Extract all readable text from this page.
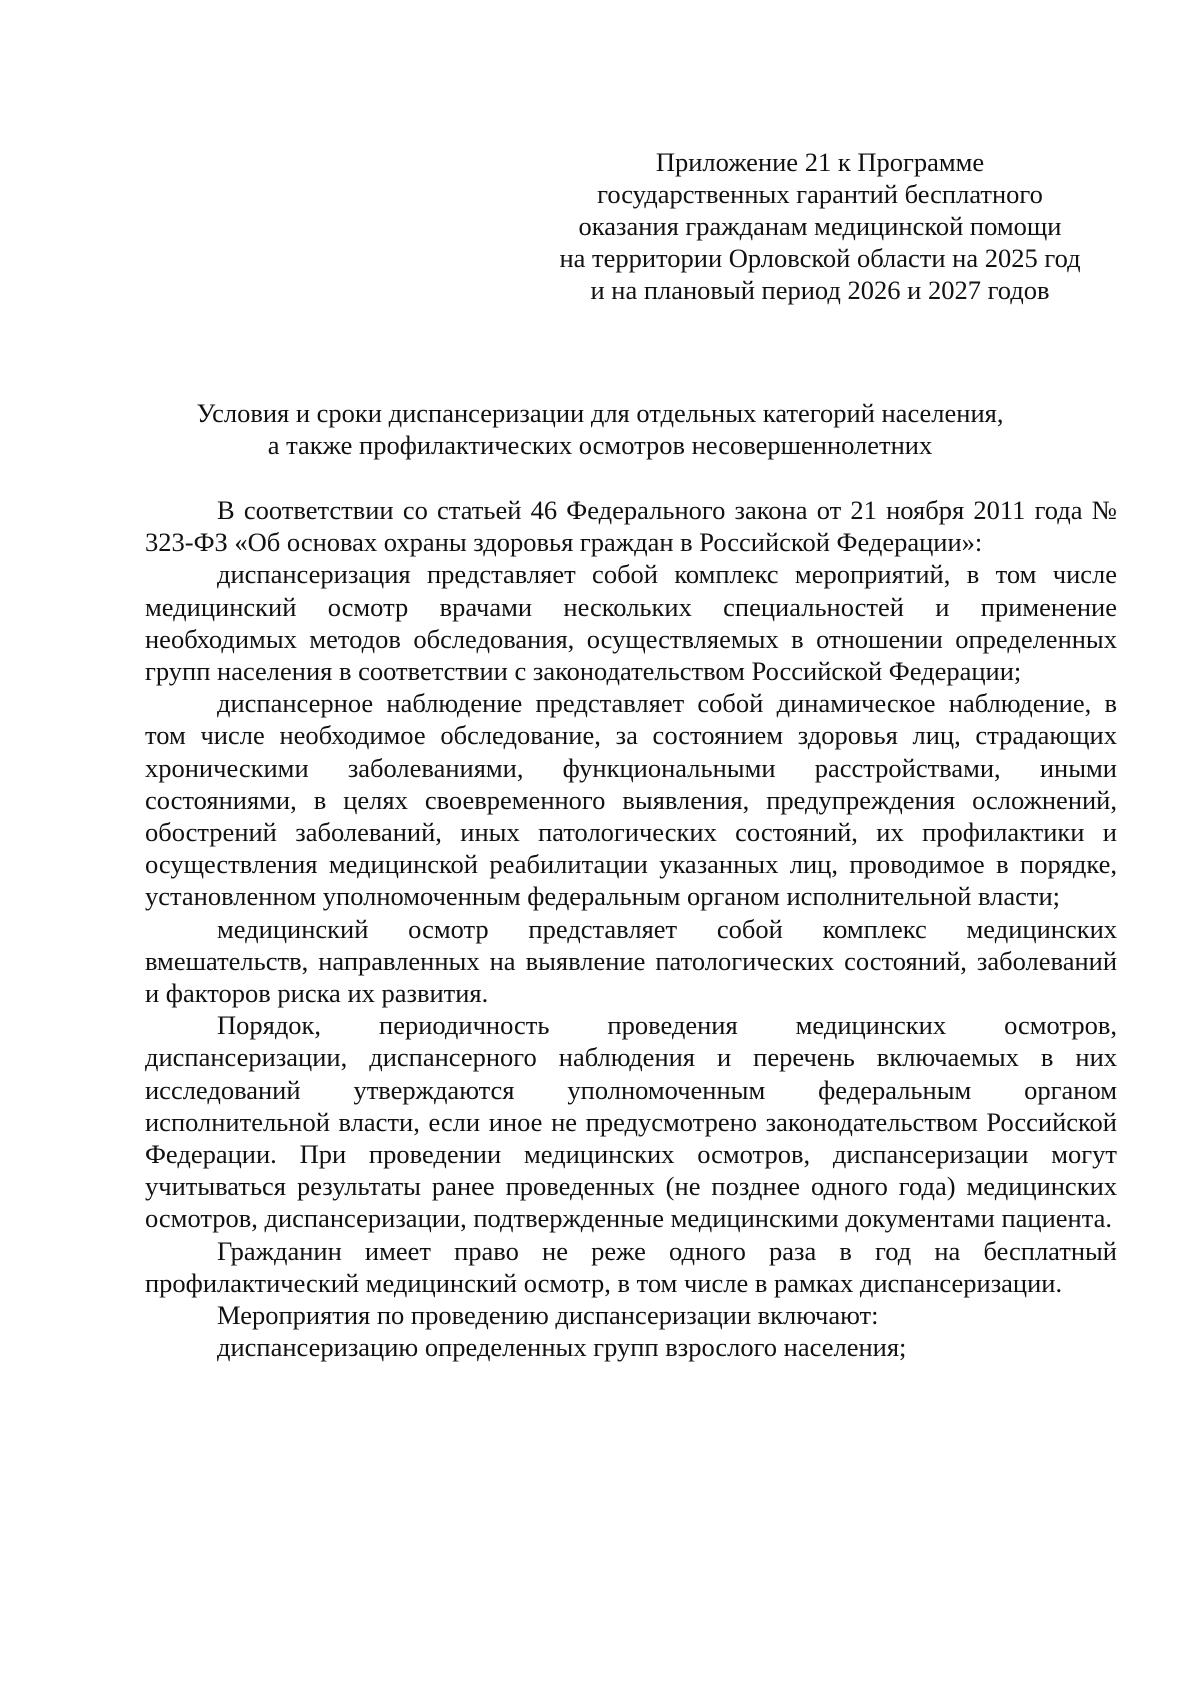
Приложение 21 к Программе
государственных гарантий бесплатного
оказания гражданам медицинской помощи
на территории Орловской области на 2025 год
и на плановый период 2026 и 2027 годов
Условия и сроки диспансеризации для отдельных категорий населения,
а также профилактических осмотров несовершеннолетних

В соответствии со статьей 46 Федерального закона от 21 ноября 2011 года № 323-ФЗ «Об основах охраны здоровья граждан в Российской Федерации»:

диспансеризация представляет собой комплекс мероприятий, в том числе медицинский осмотр врачами нескольких специальностей и применение необходимых методов обследования, осуществляемых в отношении определенных групп населения в соответствии с законодательством Российской Федерации;

диспансерное наблюдение представляет собой динамическое наблюдение, в том числе необходимое обследование, за состоянием здоровья лиц, страдающих хроническими заболеваниями, функциональными расстройствами, иными состояниями, в целях своевременного выявления, предупреждения осложнений, обострений заболеваний, иных патологических состояний, их профилактики и осуществления медицинской реабилитации указанных лиц, проводимое в порядке, установленном уполномоченным федеральным органом исполнительной власти;

медицинский осмотр представляет собой комплекс медицинских вмешательств, направленных на выявление патологических состояний, заболеваний и факторов риска их развития.

Порядок, периодичность проведения медицинских осмотров, диспансеризации, диспансерного наблюдения и перечень включаемых в них исследований утверждаются уполномоченным федеральным органом исполнительной власти, если иное не предусмотрено законодательством Российской Федерации. При проведении медицинских осмотров, диспансеризации могут учитываться результаты ранее проведенных (не позднее одного года) медицинских осмотров, диспансеризации, подтвержденные медицинскими документами пациента.

Гражданин имеет право не реже одного раза в год на бесплатный профилактический медицинский осмотр, в том числе в рамках диспансеризации.

Мероприятия по проведению диспансеризации включают:

диспансеризацию определенных групп взрослого населения;
